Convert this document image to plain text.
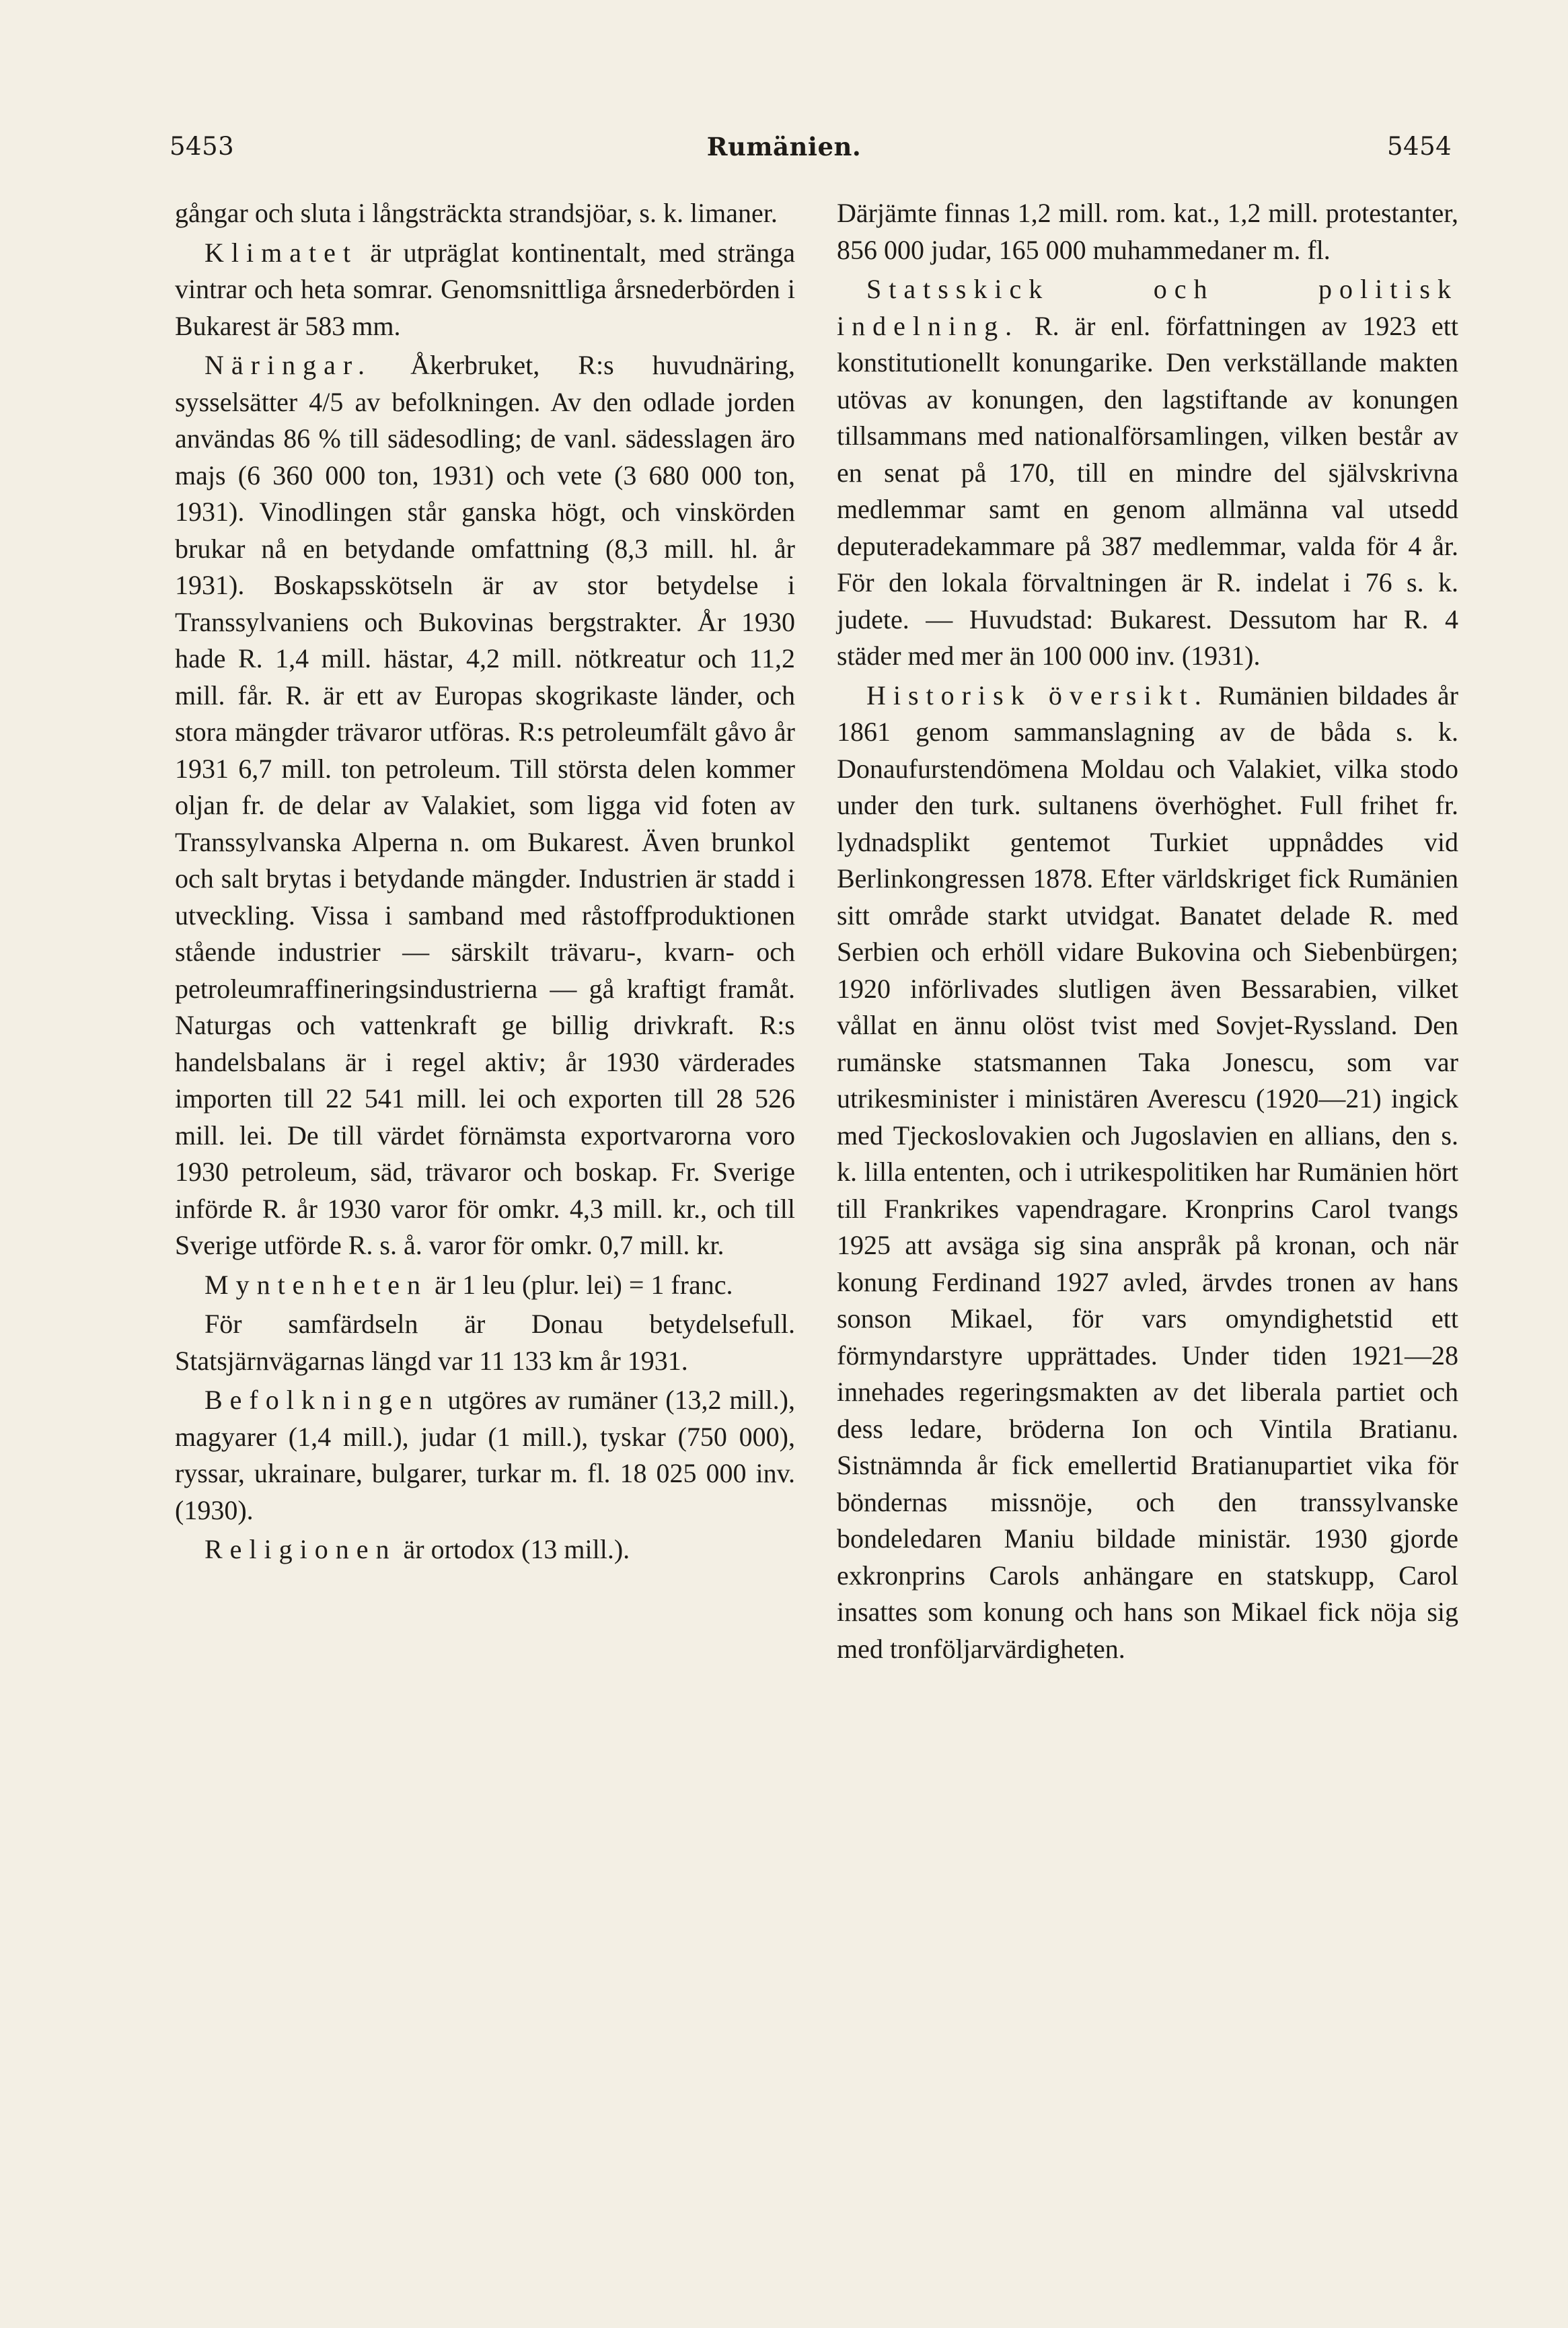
5453	Rumänien.	5454

gångar och sluta i långsträckta strandsjöar, s. k. limaner.

Klimatet är utpräglat kontinentalt, med stränga vintrar och heta somrar. Genomsnittliga årsnederbörden i Bukarest är 583 mm.

Näringar. Åkerbruket, R:s huvudnäring, sysselsätter 4/5 av befolkningen. Av den odlade jorden användas 86 % till sädesodling; de vanl. sädesslagen äro majs (6 360 000 ton, 1931) och vete (3 680 000 ton, 1931). Vinodlingen står ganska högt, och vinskörden brukar nå en betydande omfattning (8,3 mill. hl. år 1931). Boskapsskötseln är av stor betydelse i Transsylvaniens och Bukovinas bergstrakter. År 1930 hade R. 1,4 mill. hästar, 4,2 mill. nötkreatur och 11,2 mill. får. R. är ett av Europas skogrikaste länder, och stora mängder trävaror utföras. R:s petroleumfält gåvo år 1931 6,7 mill. ton petroleum. Till största delen kommer oljan fr. de delar av Valakiet, som ligga vid foten av Transsylvanska Alperna n. om Bukarest. Även brunkol och salt brytas i betydande mängder. Industrien är stadd i utveckling. Vissa i samband med råstoffproduktionen stående industrier — särskilt trävaru-, kvarn- och petroleumraffineringsindustrierna — gå kraftigt framåt. Naturgas och vattenkraft ge billig drivkraft. R:s handelsbalans är i regel aktiv; år 1930 värderades importen till 22 541 mill. lei och exporten till 28 526 mill. lei. De till värdet förnämsta exportvarorna voro 1930 petroleum, säd, trävaror och boskap. Fr. Sverige införde R. år 1930 varor för omkr. 4,3 mill. kr., och till Sverige utförde R. s. å. varor för omkr. 0,7 mill. kr.

Myntenheten är 1 leu (plur. lei) = 1 franc.

För samfärdseln är Donau betydelsefull. Statsjärnvägarnas längd var 11 133 km år 1931.

Befolkningen utgöres av rumäner (13,2 mill.), magyarer (1,4 mill.), judar (1 mill.), tyskar (750 000), ryssar, ukrainare, bulgarer, turkar m. fl. 18 025 000 inv. (1930).

Religionen är ortodox (13 mill.).

Därjämte finnas 1,2 mill. rom. kat., 1,2 mill. protestanter, 856 000 judar, 165 000 muhammedaner m. fl.

Statsskick och politisk indelning. R. är enl. författningen av 1923 ett konstitutionellt konungarike. Den verkställande makten utövas av konungen, den lagstiftande av konungen tillsammans med nationalförsamlingen, vilken består av en senat på 170, till en mindre del självskrivna medlemmar samt en genom allmänna val utsedd deputeradekammare på 387 medlemmar, valda för 4 år. För den lokala förvaltningen är R. indelat i 76 s. k. judete. — Huvudstad: Bukarest. Dessutom har R. 4 städer med mer än 100 000 inv. (1931).

Historisk översikt. Rumänien bildades år 1861 genom sammanslagning av de båda s. k. Donaufurstendömena Moldau och Valakiet, vilka stodo under den turk. sultanens överhöghet. Full frihet fr. lydnadsplikt gentemot Turkiet uppnåddes vid Berlinkongressen 1878. Efter världskriget fick Rumänien sitt område starkt utvidgat. Banatet delade R. med Serbien och erhöll vidare Bukovina och Siebenbürgen; 1920 införlivades slutligen även Bessarabien, vilket vållat en ännu olöst tvist med Sovjet-Ryssland. Den rumänske statsmannen Taka Jonescu, som var utrikesminister i ministären Averescu (1920—21) ingick med Tjeckoslovakien och Jugoslavien en allians, den s. k. lilla ententen, och i utrikespolitiken har Rumänien hört till Frankrikes vapendragare. Kronprins Carol tvangs 1925 att avsäga sig sina anspråk på kronan, och när konung Ferdinand 1927 avled, ärvdes tronen av hans sonson Mikael, för vars omyndighetstid ett förmyndarstyre upprättades. Under tiden 1921—28 innehades regeringsmakten av det liberala partiet och dess ledare, bröderna Ion och Vintila Bratianu. Sistnämnda år fick emellertid Bratianupartiet vika för böndernas missnöje, och den transsylvanske bondeledaren Maniu bildade ministär. 1930 gjorde exkronprins Carols anhängare en statskupp, Carol insattes som konung och hans son Mikael fick nöja sig med tronföljarvärdigheten.
